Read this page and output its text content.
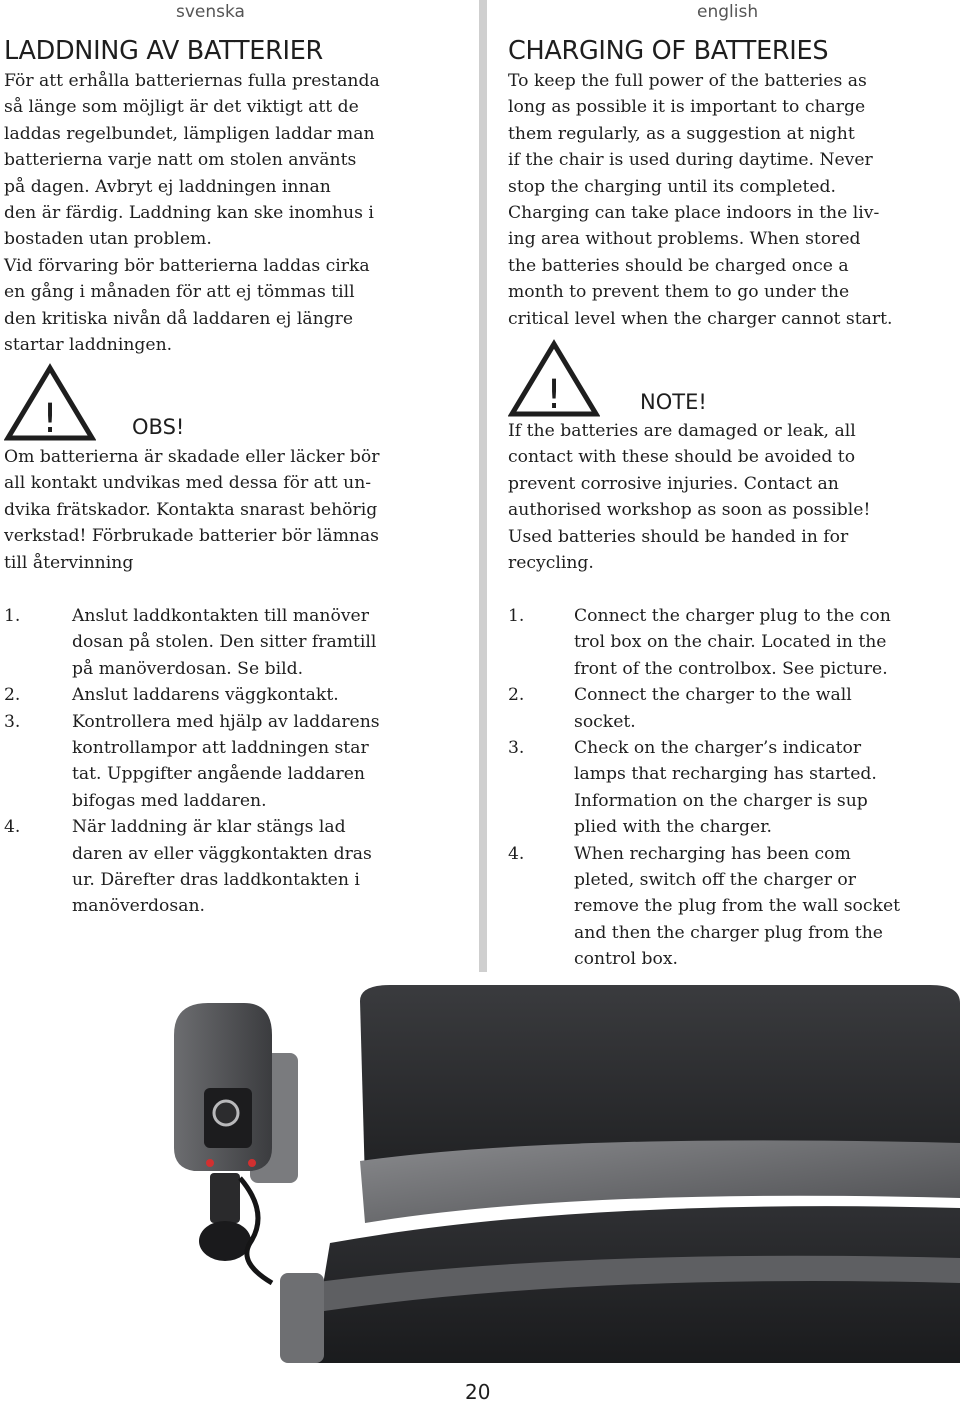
svenska	english
LADDNING AV BATTERIER

För att erhålla batteriernas fulla prestanda
så länge som möjligt är det viktigt att de
laddas regelbundet, lämpligen laddar man
batterierna varje natt om stolen använts
på dagen. Avbryt ej laddningen innan
den är färdig. Laddning kan ske inomhus i
bostaden utan problem.
Vid förvaring bör batterierna laddas cirka
en gång i månaden för att ej tömmas till
den kritiska nivån då laddaren ej längre
startar laddningen.

!	OBS!

Om batterierna är skadade eller läcker bör
all kontakt undvikas med dessa för att un-
dvika frätskador. Kontakta snarast behörig
verkstad! Förbrukade batterier bör lämnas
till återvinning

1.	Anslut laddkontakten till manöver
dosan på stolen. Den sitter framtill
på manöverdosan. Se bild.
2.	Anslut laddarens väggkontakt.
3.	Kontrollera med hjälp av laddarens
kontrollampor att laddningen star
tat. Uppgifter angående laddaren
bifogas med laddaren.
4.	När laddning är klar stängs lad
daren av eller väggkontakten dras
ur. Därefter dras laddkontakten i
manöverdosan.
CHARGING OF BATTERIES

To keep the full power of the batteries as
long as possible it is important to charge
them regularly, as a suggestion at night
if the chair is used during daytime. Never
stop the charging until its completed.
Charging can take place indoors in the liv-
ing area without problems. When stored
the batteries should be charged once a
month to prevent them to go under the
critical level when the charger cannot start.

!	NOTE!

If the batteries are damaged or leak, all
contact with these should be avoided to
prevent corrosive injuries. Contact an
authorised workshop as soon as possible!
Used batteries should be handed in for
recycling.

1.	Connect the charger plug to the con
trol box on the chair. Located in the
front of the controlbox. See picture.
2.	Connect the charger to the wall
socket.
3.	Check on the charger’s indicator
lamps that recharging has started.
Information on the charger is sup
plied with the charger.
4.	When recharging has been com
pleted, switch off the charger or
remove the plug from the wall socket
and then the charger plug from the
control box.
20
